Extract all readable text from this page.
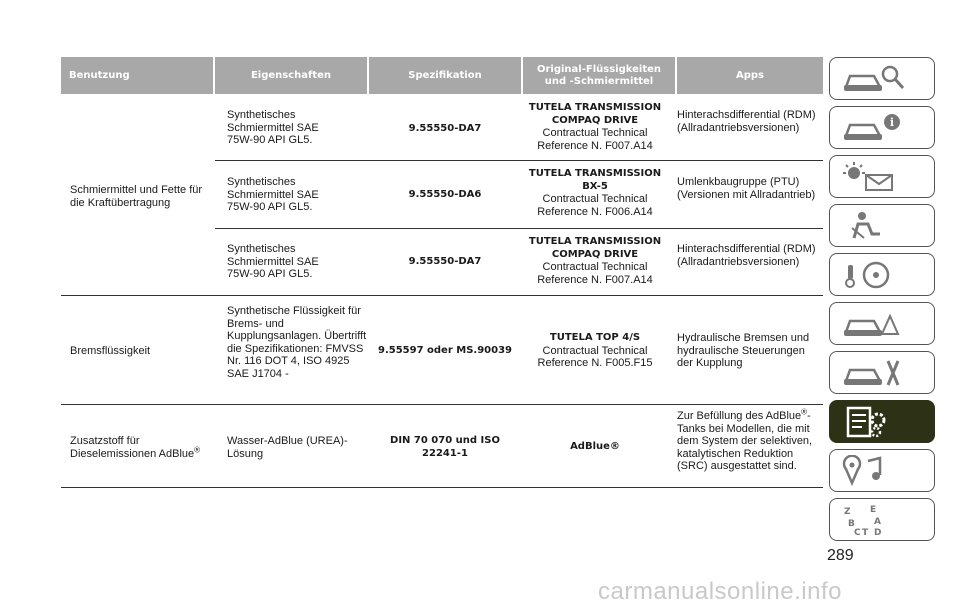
Benutzung	Eigenschaften	Spezifikation
Original-Flüssigkeiten und -Schmiermittel
Apps
Schmiermittel und Fette für die Kraftübertragung
Synthetisches Schmiermittel SAE 75W-90 API GL5.
9.55550-DA7
TUTELA TRANSMISSION COMPAQ DRIVE
Contractual Technical Reference N. F007.A14
Hinterachsdifferential (RDM) (Allradantriebsversionen)
Synthetisches Schmiermittel SAE 75W-90 API GL5.
9.55550-DA6
TUTELA TRANSMISSION BX-5
Contractual Technical Reference N. F006.A14
Umlenkbaugruppe (PTU) (Versionen mit Allradantrieb)
Synthetisches Schmiermittel SAE 75W-90 API GL5.
9.55550-DA7
TUTELA TRANSMISSION COMPAQ DRIVE
Contractual Technical Reference N. F007.A14
Hinterachsdifferential (RDM) (Allradantriebsversionen)
Bremsflüssigkeit
Synthetische Flüssigkeit für Brems- und Kupplungsanlagen. Übertrifft die Spezifikationen: FMVSS Nr. 116 DOT 4, ISO 4925 SAE J1704 -
9.55597 oder MS.90039
TUTELA TOP 4/S
Contractual Technical Reference N. F005.F15
Hydraulische Bremsen und hydraulische Steuerungen der Kupplung
Zusatzstoff für Dieselemissionen AdBlue®
Wasser-AdBlue (UREA)-Lösung
DIN 70 070 und ISO 22241-1
AdBlue®
Zur Befüllung des AdBlue®-Tanks bei Modellen, die mit dem System der selektiven, katalytischen Reduktion (SRC) ausgestattet sind.
i
Z E
B A
C T D
289
carmanualsonline.info
